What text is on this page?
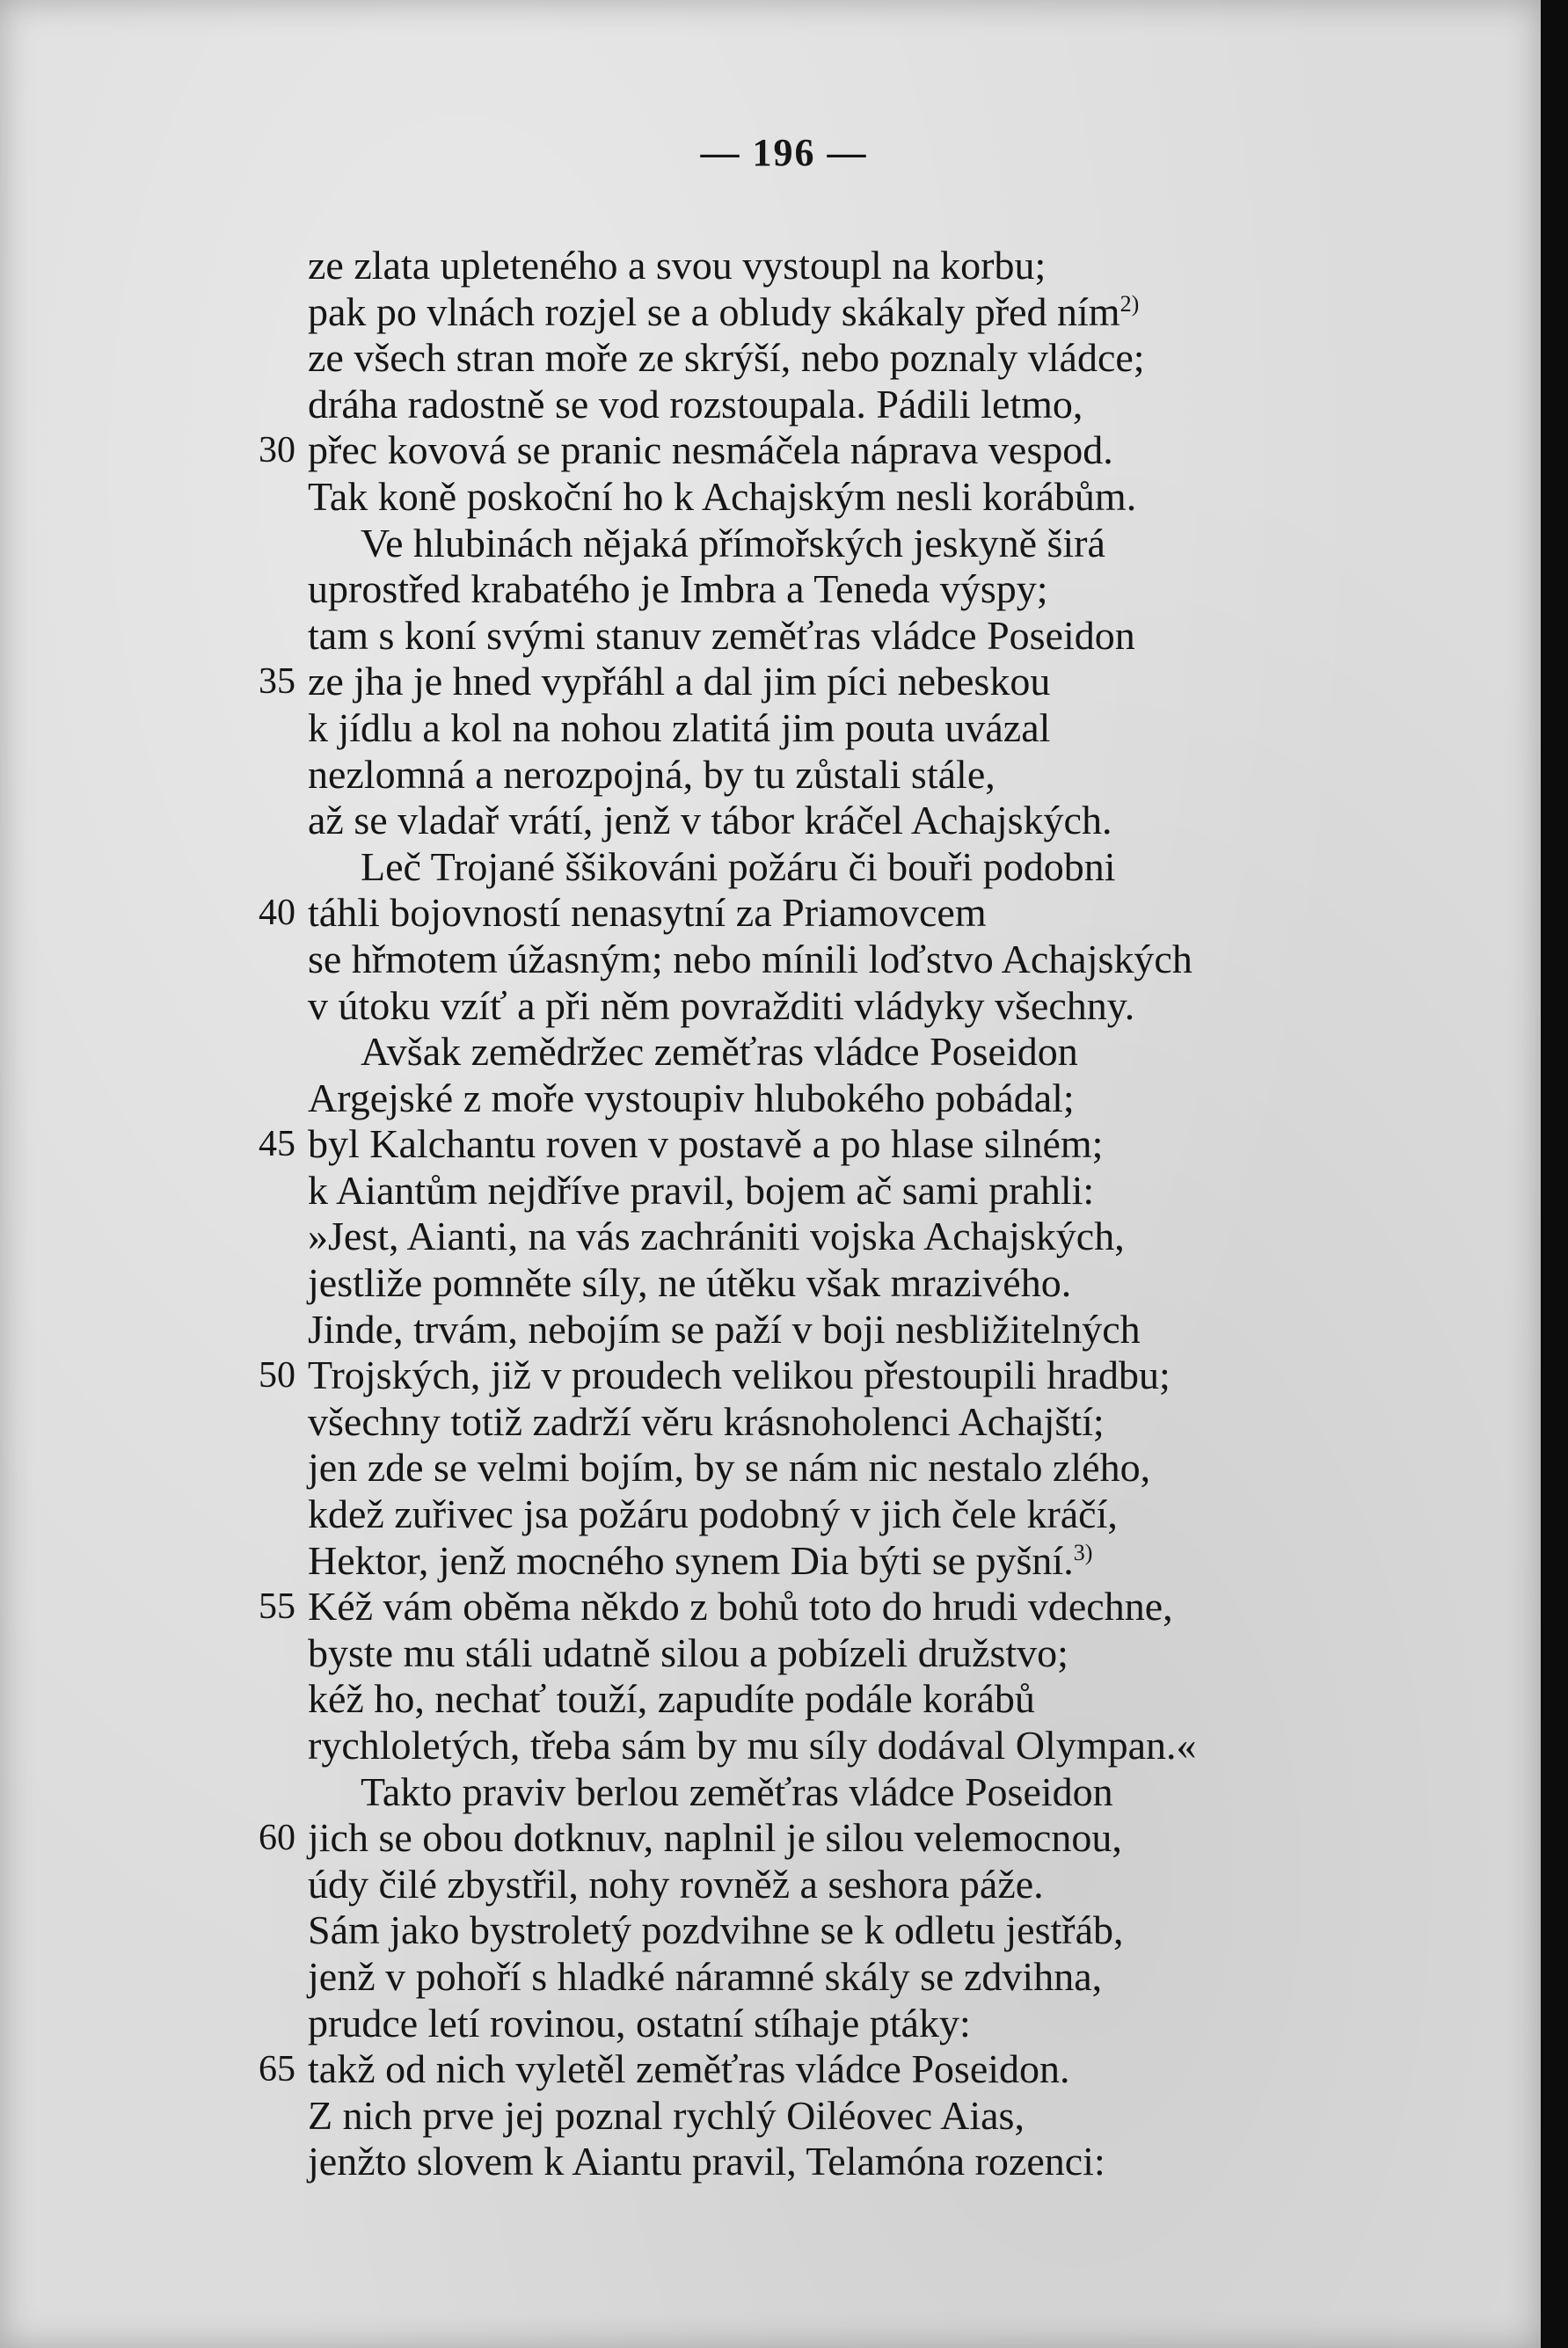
— 196 —
ze zlata upleteného a svou vystoupl na korbu;
pak po vlnách rozjel se a obludy skákaly před ním$^{2)}$
ze všech stran moře ze skrýší, nebo poznaly vládce;
dráha radostně se vod rozstoupala. Pádili letmo,
30 přec kovová se pranic nesmáčela náprava vespod.
Tak koně poskoční ho k Achajským nesli korábům.
Ve hlubinách nějaká přímořských jeskyně širá
uprostřed krabatého je Imbra a Teneda výspy;
tam s koní svými stanuv zeměťras vládce Poseidon
35 ze jha je hned vypřáhl a dal jim píci nebeskou
k jídlu a kol na nohou zlatitá jim pouta uvázal
nezlomná a nerozpojná, by tu zůstali stále,
až se vladař vrátí, jenž v tábor kráčel Achajských.
Leč Trojané ššikováni požáru či bouři podobni
40 táhli bojovností nenasytní za Priamovcem
se hřmotem úžasným; nebo mínili loďstvo Achajských
v útoku vzíť a při něm povražditi vládyky všechny.
Avšak zemědržec zeměťras vládce Poseidon
Argejské z moře vystoupiv hlubokého pobádal;
45 byl Kalchantu roven v postavě a po hlase silném;
k Aiantům nejdříve pravil, bojem ač sami prahli:
»Jest, Aianti, na vás zachrániti vojska Achajských,
jestliže pomněte síly, ne útěku však mrazivého.
Jinde, trvám, nebojím se paží v boji nesbližitelných
50 Trojských, již v proudech velikou přestoupili hradbu;
všechny totiž zadrží věru krásnoholenci Achajští;
jen zde se velmi bojím, by se nám nic nestalo zlého,
kdež zuřivec jsa požáru podobný v jich čele kráčí,
Hektor, jenž mocného synem Dia býti se pyšní.$^{3)}$
55 Kéž vám oběma někdo z bohů toto do hrudi vdechne,
byste mu stáli udatně silou a pobízeli družstvo;
kéž ho, nechať touží, zapudíte podále korábů
rychloletých, třeba sám by mu síly dodával Olympan.«
Takto praviv berlou zeměťras vládce Poseidon
60 jich se obou dotknuv, naplnil je silou velemocnou,
údy čilé zbystřil, nohy rovněž a seshora páže.
Sám jako bystroletý pozdvihne se k odletu jestřáb,
jenž v pohoří s hladké náramné skály se zdvihna,
prudce letí rovinou, ostatní stíhaje ptáky:
65 takž od nich vyletěl zeměťras vládce Poseidon.
Z nich prve jej poznal rychlý Oiléovec Aias,
jenžto slovem k Aiantu pravil, Telamóna rozenci:
